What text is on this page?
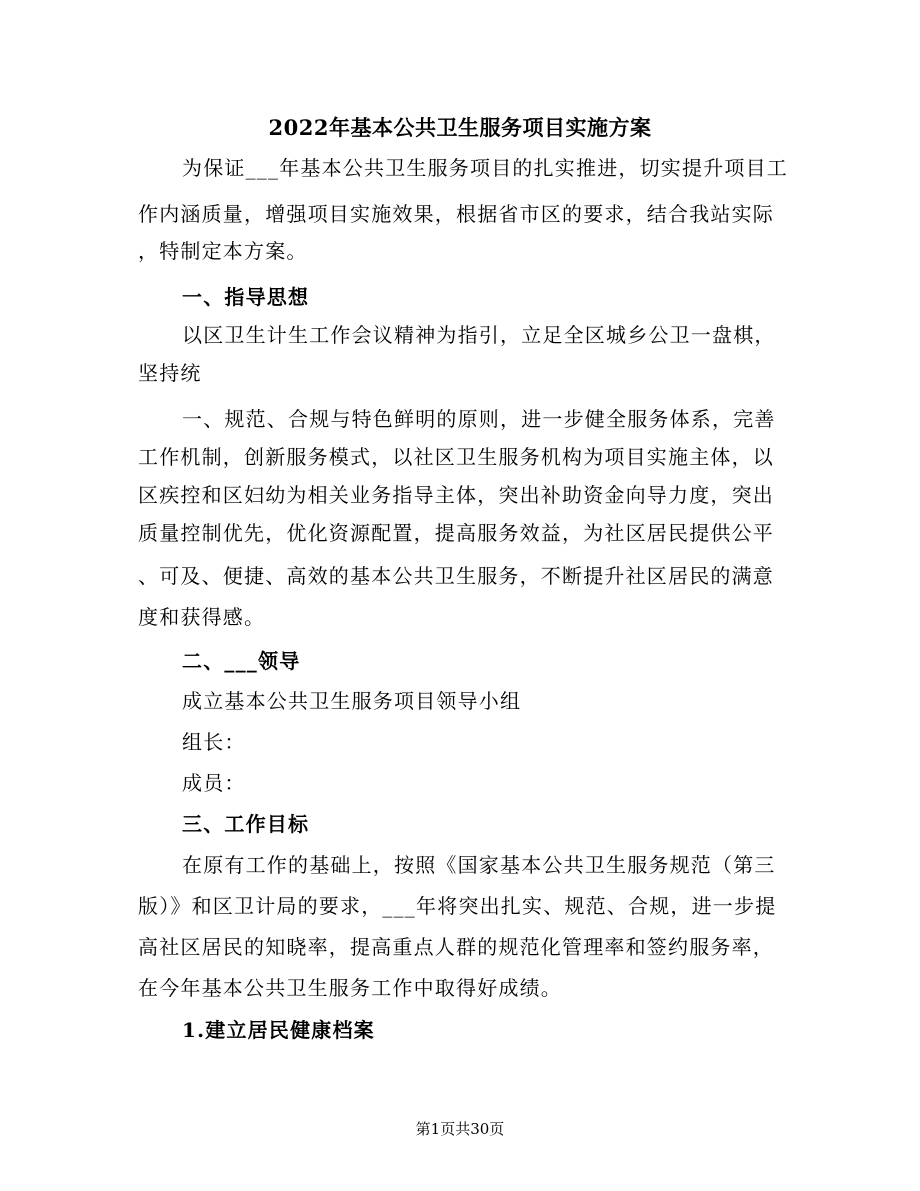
2022年基本公共卫生服务项目实施方案
为保证___年基本公共卫生服务项目的扎实推进，切实提升项目工
作内涵质量，增强项目实施效果，根据省市区的要求，结合我站实际
，特制定本方案。
一、指导思想
以区卫生计生工作会议精神为指引，立足全区城乡公卫一盘棋，
坚持统
一、规范、合规与特色鲜明的原则，进一步健全服务体系，完善
工作机制，创新服务模式，以社区卫生服务机构为项目实施主体，以
区疾控和区妇幼为相关业务指导主体，突出补助资金向导力度，突出
质量控制优先，优化资源配置，提高服务效益，为社区居民提供公平
、可及、便捷、高效的基本公共卫生服务，不断提升社区居民的满意
度和获得感。
二、___领导
成立基本公共卫生服务项目领导小组
组长：
成员：
三、工作目标
在原有工作的基础上，按照《国家基本公共卫生服务规范（第三
版）》和区卫计局的要求，___年将突出扎实、规范、合规，进一步提
高社区居民的知晓率，提高重点人群的规范化管理率和签约服务率，
在今年基本公共卫生服务工作中取得好成绩。
1.建立居民健康档案
第1页共30页
